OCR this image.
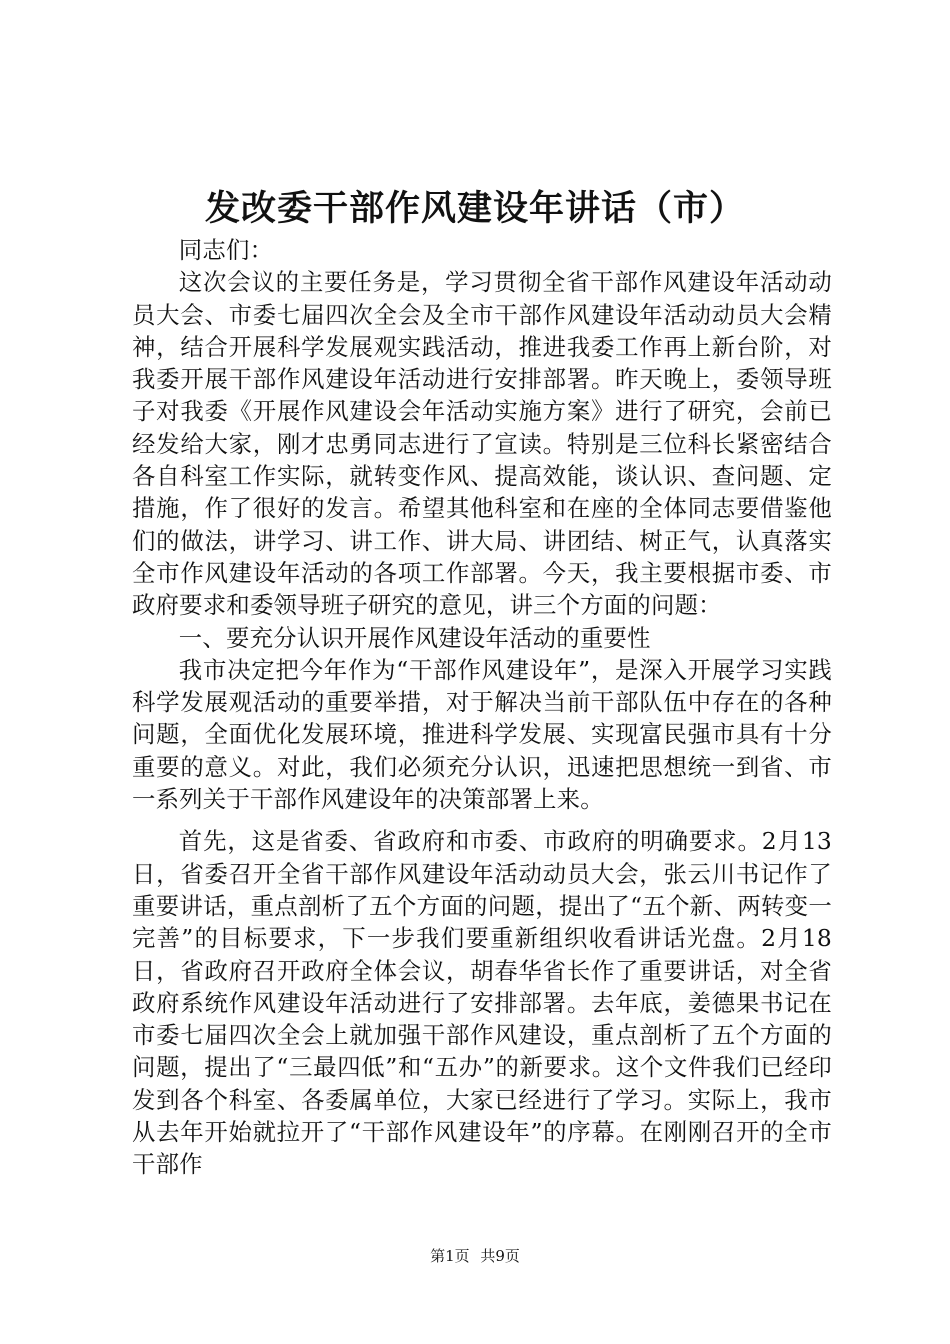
发改委干部作风建设年讲话（市）

同志们：

这次会议的主要任务是，学习贯彻全省干部作风建设年活动动员大会、市委七届四次全会及全市干部作风建设年活动动员大会精神，结合开展科学发展观实践活动，推进我委工作再上新台阶，对我委开展干部作风建设年活动进行安排部署。昨天晚上，委领导班子对我委《开展作风建设会年活动实施方案》进行了研究，会前已经发给大家，刚才忠勇同志进行了宣读。特别是三位科长紧密结合各自科室工作实际，就转变作风、提高效能，谈认识、查问题、定措施，作了很好的发言。希望其他科室和在座的全体同志要借鉴他们的做法，讲学习、讲工作、讲大局、讲团结、树正气，认真落实全市作风建设年活动的各项工作部署。今天，我主要根据市委、市政府要求和委领导班子研究的意见，讲三个方面的问题：

一、要充分认识开展作风建设年活动的重要性

我市决定把今年作为“干部作风建设年”，是深入开展学习实践科学发展观活动的重要举措，对于解决当前干部队伍中存在的各种问题，全面优化发展环境，推进科学发展、实现富民强市具有十分重要的意义。对此，我们必须充分认识，迅速把思想统一到省、市一系列关于干部作风建设年的决策部署上来。

首先，这是省委、省政府和市委、市政府的明确要求。2月13日，省委召开全省干部作风建设年活动动员大会，张云川书记作了重要讲话，重点剖析了五个方面的问题，提出了“五个新、两转变一完善”的目标要求，下一步我们要重新组织收看讲话光盘。2月18日，省政府召开政府全体会议，胡春华省长作了重要讲话，对全省政府系统作风建设年活动进行了安排部署。去年底，姜德果书记在市委七届四次全会上就加强干部作风建设，重点剖析了五个方面的问题，提出了“三最四低”和“五办”的新要求。这个文件我们已经印发到各个科室、各委属单位，大家已经进行了学习。实际上，我市从去年开始就拉开了“干部作风建设年”的序幕。在刚刚召开的全市干部作

第1页 共9页
